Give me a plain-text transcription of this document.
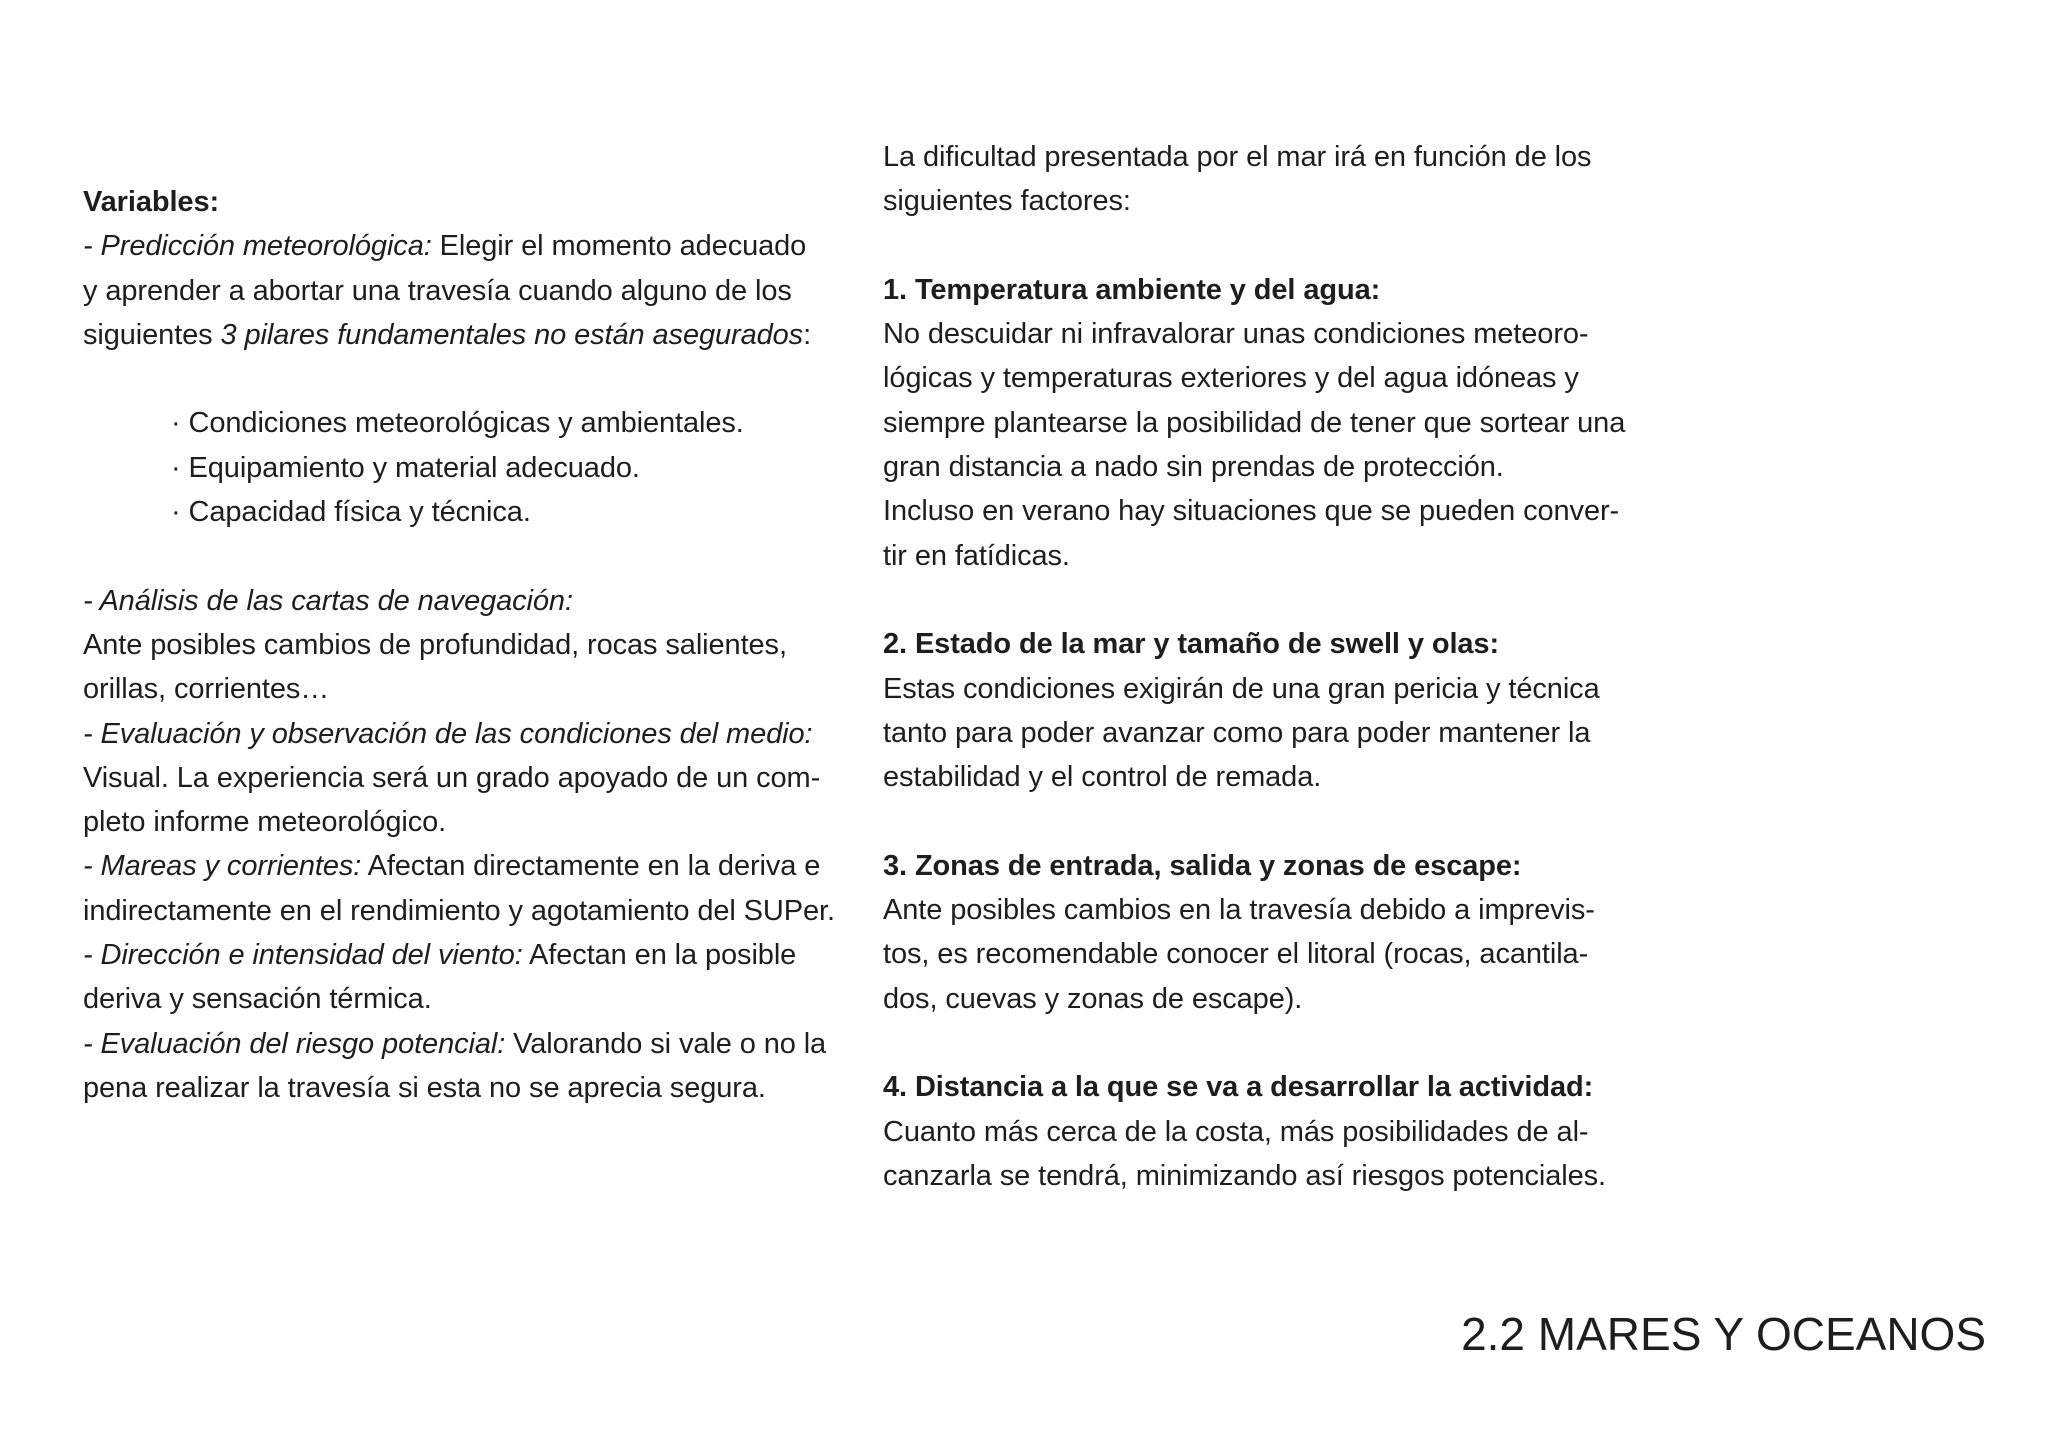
Variables:

- Predicción meteorológica: Elegir el momento adecuado

y aprender a abortar una travesía cuando alguno de los

siguientes 3 pilares fundamentales no están asegurados:

· Condiciones meteorológicas y ambientales.

· Equipamiento y material adecuado.

· Capacidad física y técnica.

- Análisis de las cartas de navegación:

Ante posibles cambios de profundidad, rocas salientes,

orillas, corrientes…

- Evaluación y observación de las condiciones del medio:

Visual. La experiencia será un grado apoyado de un com-

pleto informe meteorológico.

- Mareas y corrientes: Afectan directamente en la deriva e

indirectamente en el rendimiento y agotamiento del SUPer.

- Dirección e intensidad del viento: Afectan en la posible

deriva y sensación térmica.

- Evaluación del riesgo potencial: Valorando si vale o no la

pena realizar la travesía si esta no se aprecia segura.

La dificultad presentada por el mar irá en función de los

siguientes factores:

1. Temperatura ambiente y del agua:

No descuidar ni infravalorar unas condiciones meteoro-

lógicas y temperaturas exteriores y del agua idóneas y

siempre plantearse la posibilidad de tener que sortear una

gran distancia a nado sin prendas de protección.

Incluso en verano hay situaciones que se pueden conver-

tir en fatídicas.

2. Estado de la mar y tamaño de swell y olas:

Estas condiciones exigirán de una gran pericia y técnica

tanto para poder avanzar como para poder mantener la

estabilidad y el control de remada.

3. Zonas de entrada, salida y zonas de escape:

Ante posibles cambios en la travesía debido a imprevis-

tos, es recomendable conocer el litoral (rocas, acantila-

dos, cuevas y zonas de escape).

4. Distancia a la que se va a desarrollar la actividad:

Cuanto más cerca de la costa, más posibilidades de al-

canzarla se tendrá, minimizando así riesgos potenciales.

2.2 MARES Y OCEANOS
